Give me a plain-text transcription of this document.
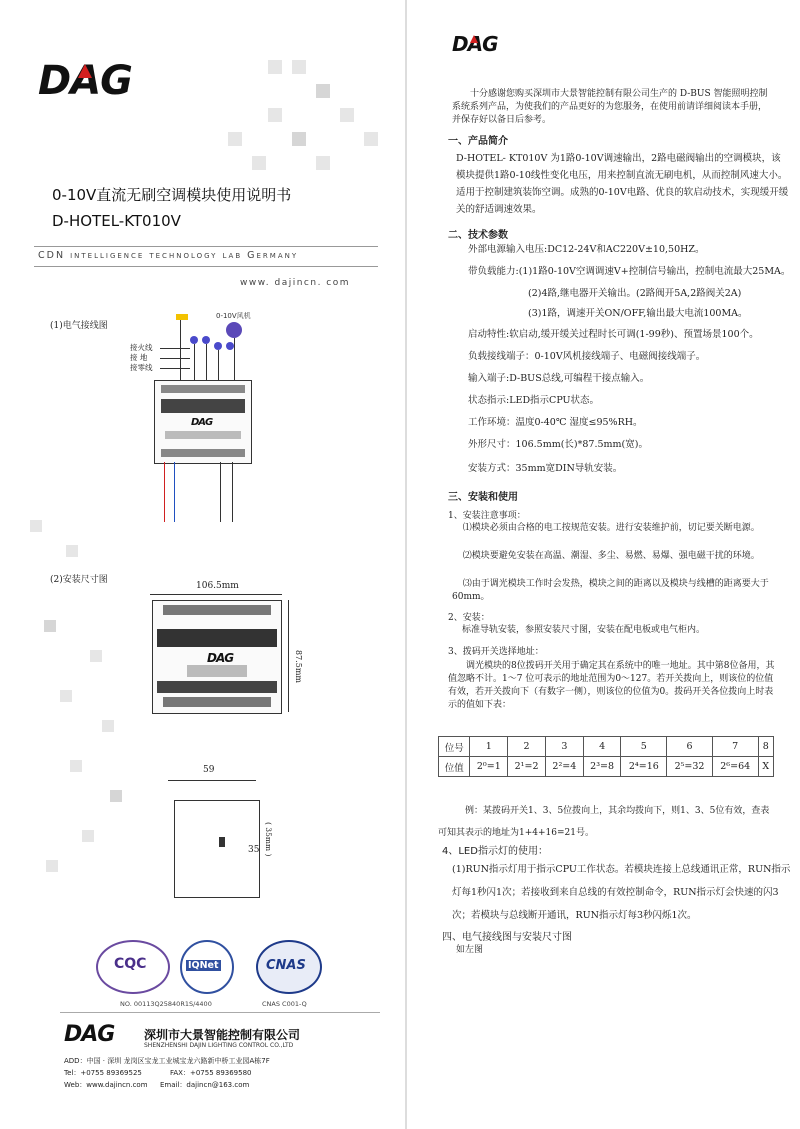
DAG
0-10V直流无刷空调模块使用说明书
D-HOTEL-KT010V
CDN intelligence technology lab Germany
www. dajincn. com
(1)电气接线图
0-10V风机
接火线
接 地
接零线
DAG
(2)安装尺寸图
106.5mm
DAG	87.5mm
59
35 ( 35mm )
CQC	IQNet	CNAS
NO. 00113Q25840R1S/4400	CNAS C001-Q
DAG 深圳市大景智能控制有限公司
SHENZHENSHI DAJIN LIGHTING CONTROL CO.,LTD
ADD：中国 · 深圳 龙岗区宝龙工业城宝龙六路新中桥工业园A栋7F
Tel：+0755 89369525	FAX：+0755 89369580
Web：www.dajincn.com Email：dajincn@163.com
DAG
十分感谢您购买深圳市大景智能控制有限公司生产的 D-BUS 智能照明控制系统系列产品，为使我们的产品更好的为您服务，在使用前请详细阅读本手册，并保存好以备日后参考。
一、产品简介
D-HOTEL- KT010V 为1路0-10V调速输出，2路电磁阀输出的空调模块，该模块提供1路0-10线性变化电压，用来控制直流无刷电机，从而控制风速大小。适用于控制建筑装饰空调。成熟的0-10V电路、优良的软启动技术，实现缓开缓关的舒适调速效果。
二、技术参数
外部电源输入电压:DC12-24V和AC220V±10,50HZ。
带负载能力:(1)1路0-10V空调调速V+控制信号输出，控制电流最大25MA。
(2)4路,继电器开关输出。(2路阀开5A,2路阀关2A)
(3)1路，调速开关ON/OFF,输出最大电流100MA。
启动特性:软启动,缓开缓关过程时长可调(1-99秒)、预置场景100个。
负载接线端子：0-10V风机接线端子、电磁阀接线端子。
输入端子:D-BUS总线,可编程干接点输入。
状态指示:LED指示CPU状态。
工作环境：温度0-40℃ 湿度≤95%RH。
外形尺寸：106.5mm(长)*87.5mm(宽)。
安装方式：35mm宽DIN导轨安装。
三、安装和使用
1、安装注意事项：
⑴模块必须由合格的电工按规范安装。进行安装维护前，切记要关断电源。
⑵模块要避免安装在高温、潮湿、多尘、易燃、易爆、强电磁干扰的环境。
⑶由于调光模块工作时会发热，模块之间的距离以及模块与线槽的距离要大于60mm。
2、安装：
标准导轨安装，参照安装尺寸图，安装在配电板或电气柜内。
3、拨码开关选择地址：
调光模块的8位拨码开关用于确定其在系统中的唯一地址。其中第8位备用，其值忽略不计。1～7 位可表示的地址范围为0～127。若开关拨向上，则该位的位值有效，若开关拨向下（有数字一侧），则该位的位值为0。拨码开关各位拨向上时表示的值如下表：
位号	1	2	3	4	5	6	7	8
位值	2⁰=1	2¹=2	2²=4	2³=8	2⁴=16	2⁵=32	2⁶=64	X
例：某拨码开关1、3、5位拨向上，其余均拨向下，则1、3、5位有效，查表可知其表示的地址为1+4+16=21号。
4、LED指示灯的使用：
(1)RUN指示灯用于指示CPU工作状态。若模块连接上总线通讯正常，RUN指示灯每1秒闪1次；若接收到来自总线的有效控制命令，RUN指示灯会快速的闪3次；若模块与总线断开通讯，RUN指示灯每3秒闪烁1次。
四、电气接线图与安装尺寸图
如左图
